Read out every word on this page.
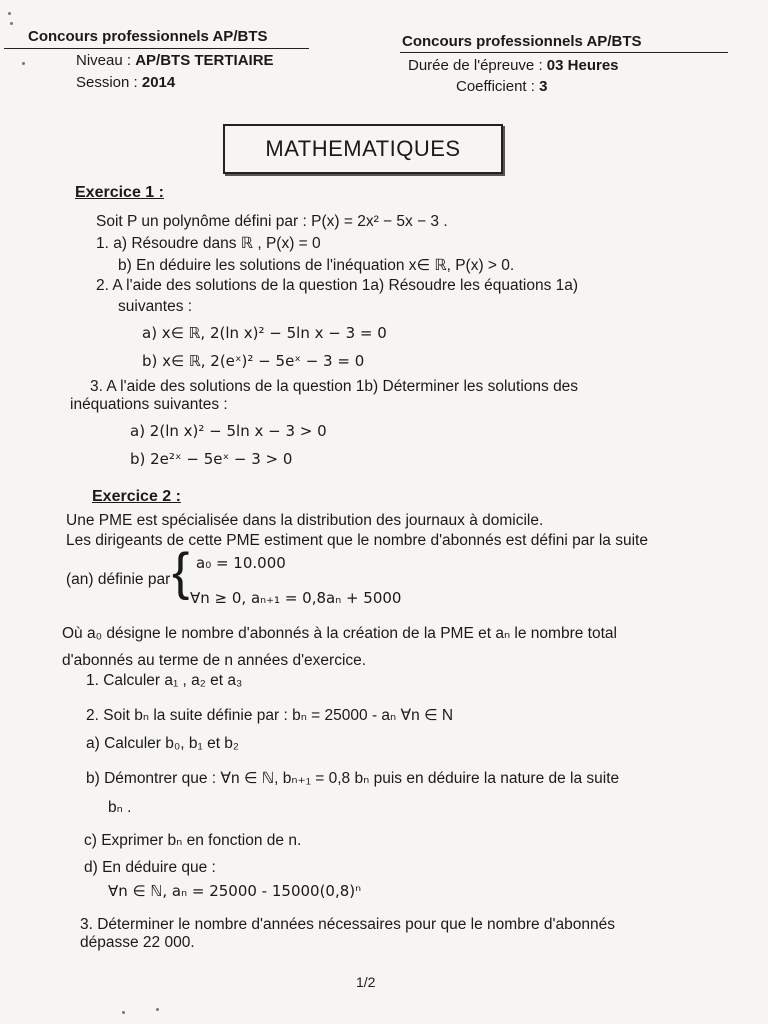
Concours professionnels AP/BTS	Concours professionnels AP/BTS
Niveau : AP/BTS TERTIAIRE
Session : 2014
Durée de l'épreuve : 03 Heures
Coefficient : 3
MATHEMATIQUES
Exercice 1 :
Soit P un polynôme défini par : P(x) = 2x² − 5x − 3 .
1. a) Résoudre dans ℝ , P(x) = 0
b) En déduire les solutions de l'inéquation x∈ ℝ, P(x) > 0.
2. A l'aide des solutions de la question 1a) Résoudre les équations 1a)
suivantes :
a) x∈ ℝ, 2(ln x)² − 5ln x − 3 = 0
b) x∈ ℝ, 2(eˣ)² − 5eˣ − 3 = 0
3. A l'aide des solutions de la question 1b) Déterminer les solutions des
inéquations suivantes :
a) 2(ln x)² − 5ln x − 3 > 0
b) 2e²ˣ − 5eˣ − 3 > 0
Exercice 2 :
Une PME est spécialisée dans la distribution des journaux à domicile.
Les dirigeants de cette PME estiment que le nombre d'abonnés est défini par la suite
(an) définie par { a₀ = 10.000
∀n ≥ 0, aₙ₊₁ = 0,8aₙ + 5000
Où a₀ désigne le nombre d'abonnés à la création de la PME et aₙ le nombre total
d'abonnés au terme de n années d'exercice.
1. Calculer a₁ , a₂ et a₃
2. Soit bₙ la suite définie par : bₙ = 25000 - aₙ ∀n ∈ N
a) Calculer b₀, b₁ et b₂
b) Démontrer que : ∀n ∈ ℕ, bₙ₊₁ = 0,8 bₙ puis en déduire la nature de la suite
bₙ .
c) Exprimer bₙ en fonction de n.
d) En déduire que :
∀n ∈ ℕ, aₙ = 25000 - 15000(0,8)ⁿ
3. Déterminer le nombre d'années nécessaires pour que le nombre d'abonnés
dépasse 22 000.
1/2
